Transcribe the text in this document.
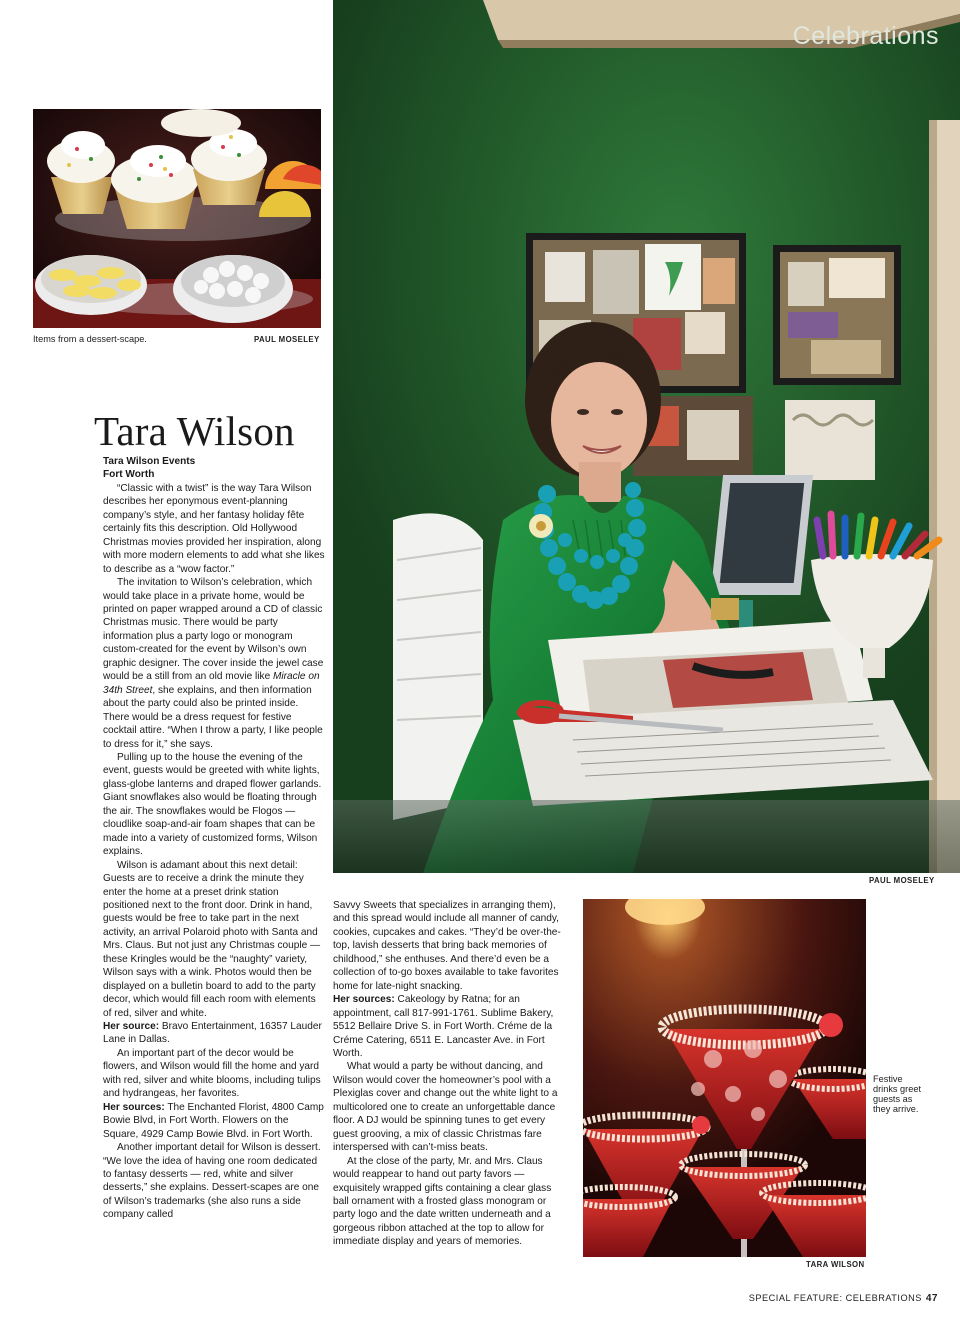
Items from a dessert-scape.	PAUL MOSELEY
Celebrations
PAUL MOSELEY
Tara Wilson

Tara Wilson Events

Fort Worth

“Classic with a twist” is the way Tara Wilson describes her eponymous event-planning company’s style, and her fantasy holiday fête certainly fits this description. Old Hollywood Christmas movies provided her inspiration, along with more modern elements to add what she likes to describe as a “wow factor.”

The invitation to Wilson’s celebration, which would take place in a private home, would be printed on paper wrapped around a CD of classic Christmas music. There would be party information plus a party logo or monogram custom-created for the event by Wilson’s own graphic designer. The cover inside the jewel case would be a still from an old movie like Miracle on 34th Street, she explains, and then information about the party could also be printed inside. There would be a dress request for festive cocktail attire. “When I throw a party, I like people to dress for it,” she says.

Pulling up to the house the evening of the event, guests would be greeted with white lights, glass-globe lanterns and draped flower garlands. Giant snowflakes also would be floating through the air. The snowflakes would be Flogos — cloudlike soap-and-air foam shapes that can be made into a variety of customized forms, Wilson explains.

Wilson is adamant about this next detail: Guests are to receive a drink the minute they enter the home at a preset drink station positioned next to the front door. Drink in hand, guests would be free to take part in the next activity, an arrival Polaroid photo with Santa and Mrs. Claus. But not just any Christmas couple — these Kringles would be the “naughty” variety, Wilson says with a wink. Photos would then be displayed on a bulletin board to add to the party decor, which would fill each room with elements of red, silver and white.

Her source: Bravo Entertainment, 16357 Lauder Lane in Dallas.

An important part of the decor would be flowers, and Wilson would fill the home and yard with red, silver and white blooms, including tulips and hydrangeas, her favorites.

Her sources: The Enchanted Florist, 4800 Camp Bowie Blvd, in Fort Worth. Flowers on the Square, 4929 Camp Bowie Blvd. in Fort Worth.

Another important detail for Wilson is dessert. “We love the idea of having one room dedicated to fantasy desserts — red, white and silver desserts,” she explains. Dessert-scapes are one of Wilson’s trademarks (she also runs a side company called

Savvy Sweets that specializes in arranging them), and this spread would include all manner of candy, cookies, cupcakes and cakes. “They’d be over-the-top, lavish desserts that bring back memories of childhood,” she enthuses. And there’d even be a collection of to-go boxes available to take favorites home for late-night snacking.

Her sources: Cakeology by Ratna; for an appointment, call 817-991-1761. Sublime Bakery, 5512 Bellaire Drive S. in Fort Worth. Créme de la Créme Catering, 6511 E. Lancaster Ave. in Fort Worth.

What would a party be without dancing, and Wilson would cover the homeowner’s pool with a Plexiglas cover and change out the white light to a multicolored one to create an unforgettable dance floor. A DJ would be spinning tunes to get every guest grooving, a mix of classic Christmas fare interspersed with can’t-miss beats.

At the close of the party, Mr. and Mrs. Claus would reappear to hand out party favors — exquisitely wrapped gifts containing a clear glass ball ornament with a frosted glass monogram or party logo and the date written underneath and a gorgeous ribbon attached at the top to allow for immediate display and years of memories.

TARA WILSON
Festive drinks greet guests as they arrive.
SPECIAL FEATURE: CELEBRATIONS 47
